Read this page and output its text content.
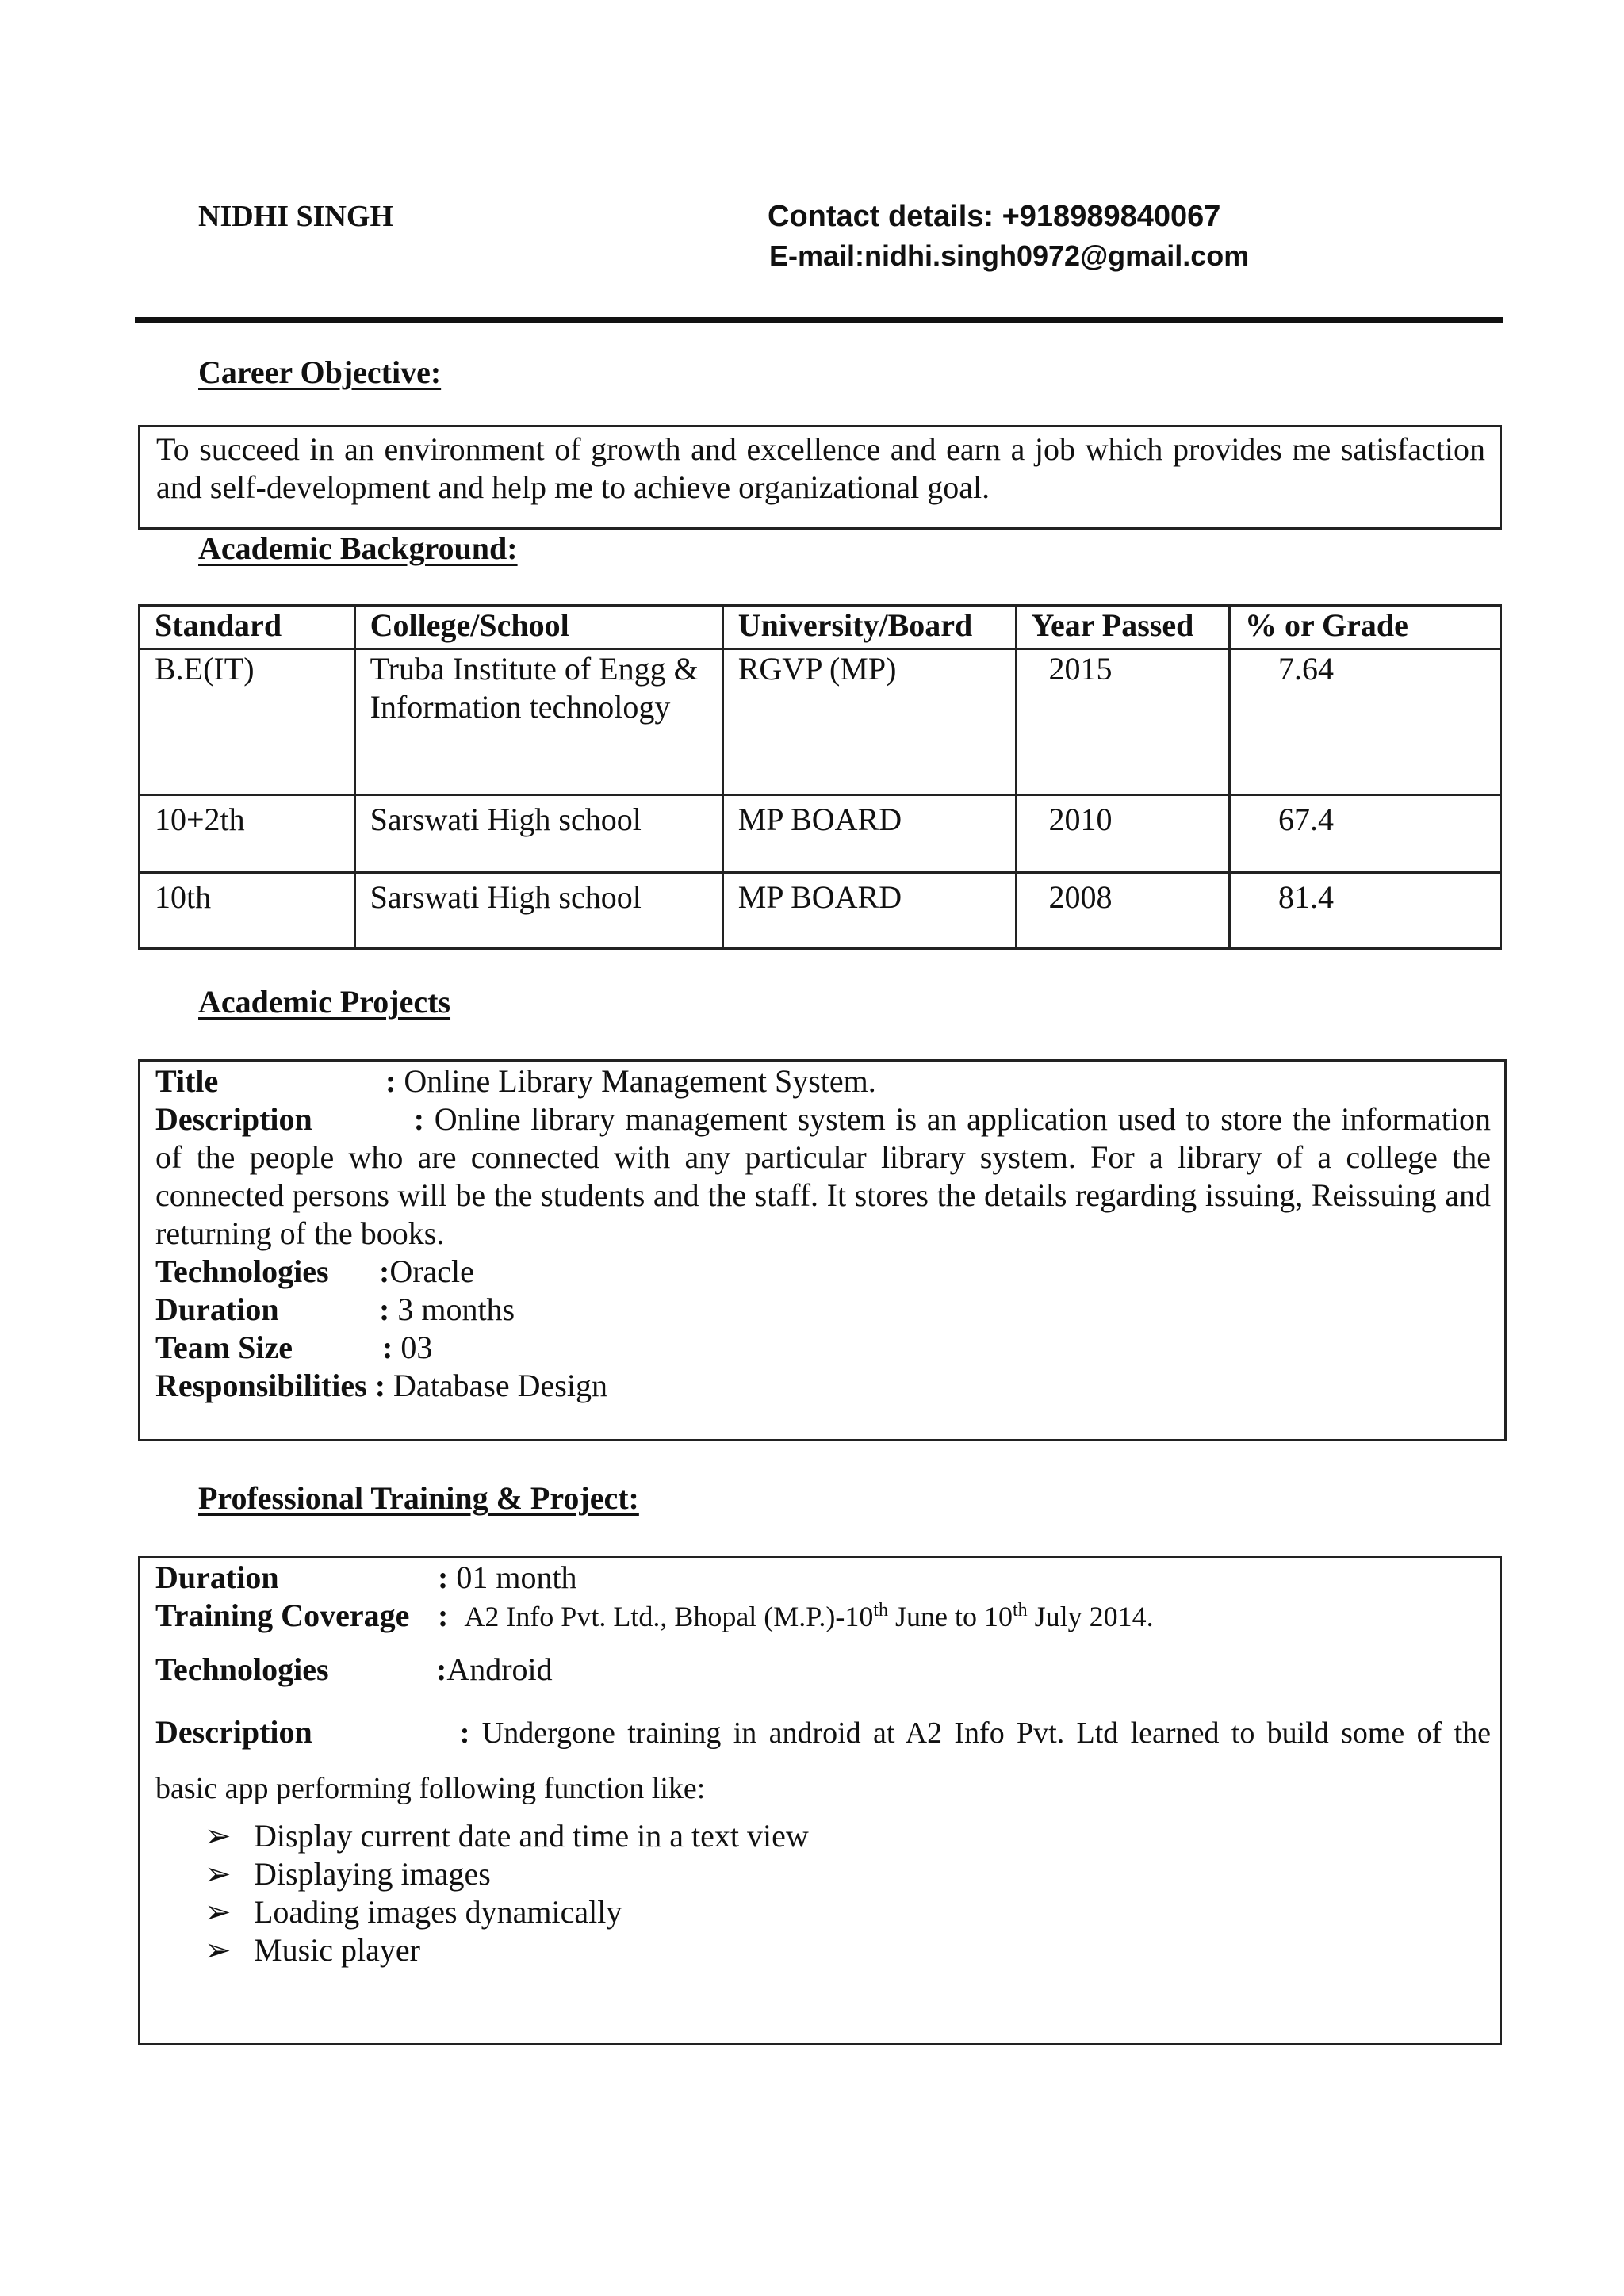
NIDHI SINGH	Contact details: +918989840067
E-mail:nidhi.singh0972@gmail.com
Career Objective:
To succeed in an environment of growth and excellence and earn a job which provides me satisfaction and self-development and help me to achieve organizational goal.
Academic Background:
Standard	College/School	University/Board	Year Passed	% or Grade
B.E(IT)	Truba Institute of Engg & Information technology	RGVP (MP)	2015	7.64
10+2th	Sarswati High school	MP BOARD	2010	67.4
10th	Sarswati High school	MP BOARD	2008	81.4
Academic Projects
Title	: Online Library Management System.
Description	: Online library management system is an application used to store the information of the people who are connected with any particular library system. For a library of a college the connected persons will be the students and the staff. It stores the details regarding issuing, Reissuing and returning of the books.
Technologies :Oracle
Duration	: 3 months
Team Size	: 03
Responsibilities : Database Design
Professional Training & Project:
Duration	: 01 month
Training Coverage :  A2 Info Pvt. Ltd., Bhopal (M.P.)-10th June to 10th July 2014.
Technologies	:Android
Description	: Undergone training in android at A2 Info Pvt. Ltd learned to build some of the basic app performing following function like:
➢ Display current date and time in a text view
➢ Displaying images
➢ Loading images dynamically
➢ Music player
